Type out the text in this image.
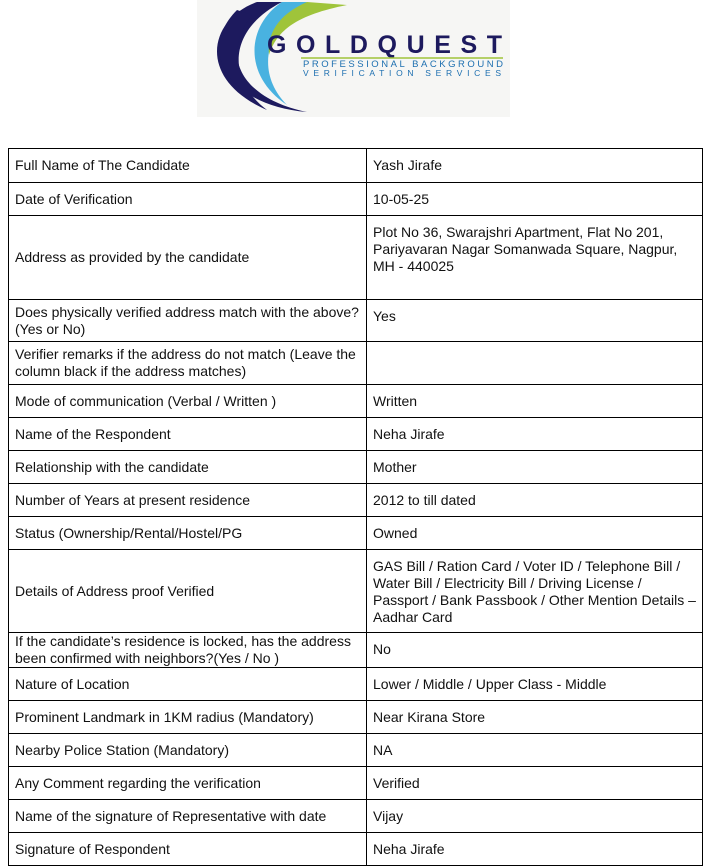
GOLDQUEST
PROFESSIONAL BACKGROUND
VERIFICATION SERVICES
Full Name of The Candidate	Yash Jirafe
Date of Verification	10-05-25
Address as provided by the candidate	Plot No 36, Swarajshri Apartment, Flat No 201, Pariyavaran Nagar Somanwada Square, Nagpur, MH - 440025
Does physically verified address match with the above? (Yes or No)	Yes
Verifier remarks if the address do not match (Leave the column black if the address matches)	
Mode of communication (Verbal / Written )	Written
Name of the Respondent	Neha Jirafe
Relationship with the candidate	Mother
Number of Years at present residence	2012 to till dated
Status (Ownership/Rental/Hostel/PG	Owned
Details of Address proof Verified	GAS Bill / Ration Card / Voter ID / Telephone Bill / Water Bill / Electricity Bill / Driving License / Passport / Bank Passbook / Other Mention Details – Aadhar Card
If the candidate’s residence is locked, has the address been confirmed with neighbors?(Yes / No )	No
Nature of Location	Lower / Middle / Upper Class - Middle
Prominent Landmark in 1KM radius (Mandatory)	Near Kirana Store
Nearby Police Station (Mandatory)	NA
Any Comment regarding the verification	Verified
Name of the signature of Representative with date	Vijay
Signature of Respondent	Neha Jirafe
